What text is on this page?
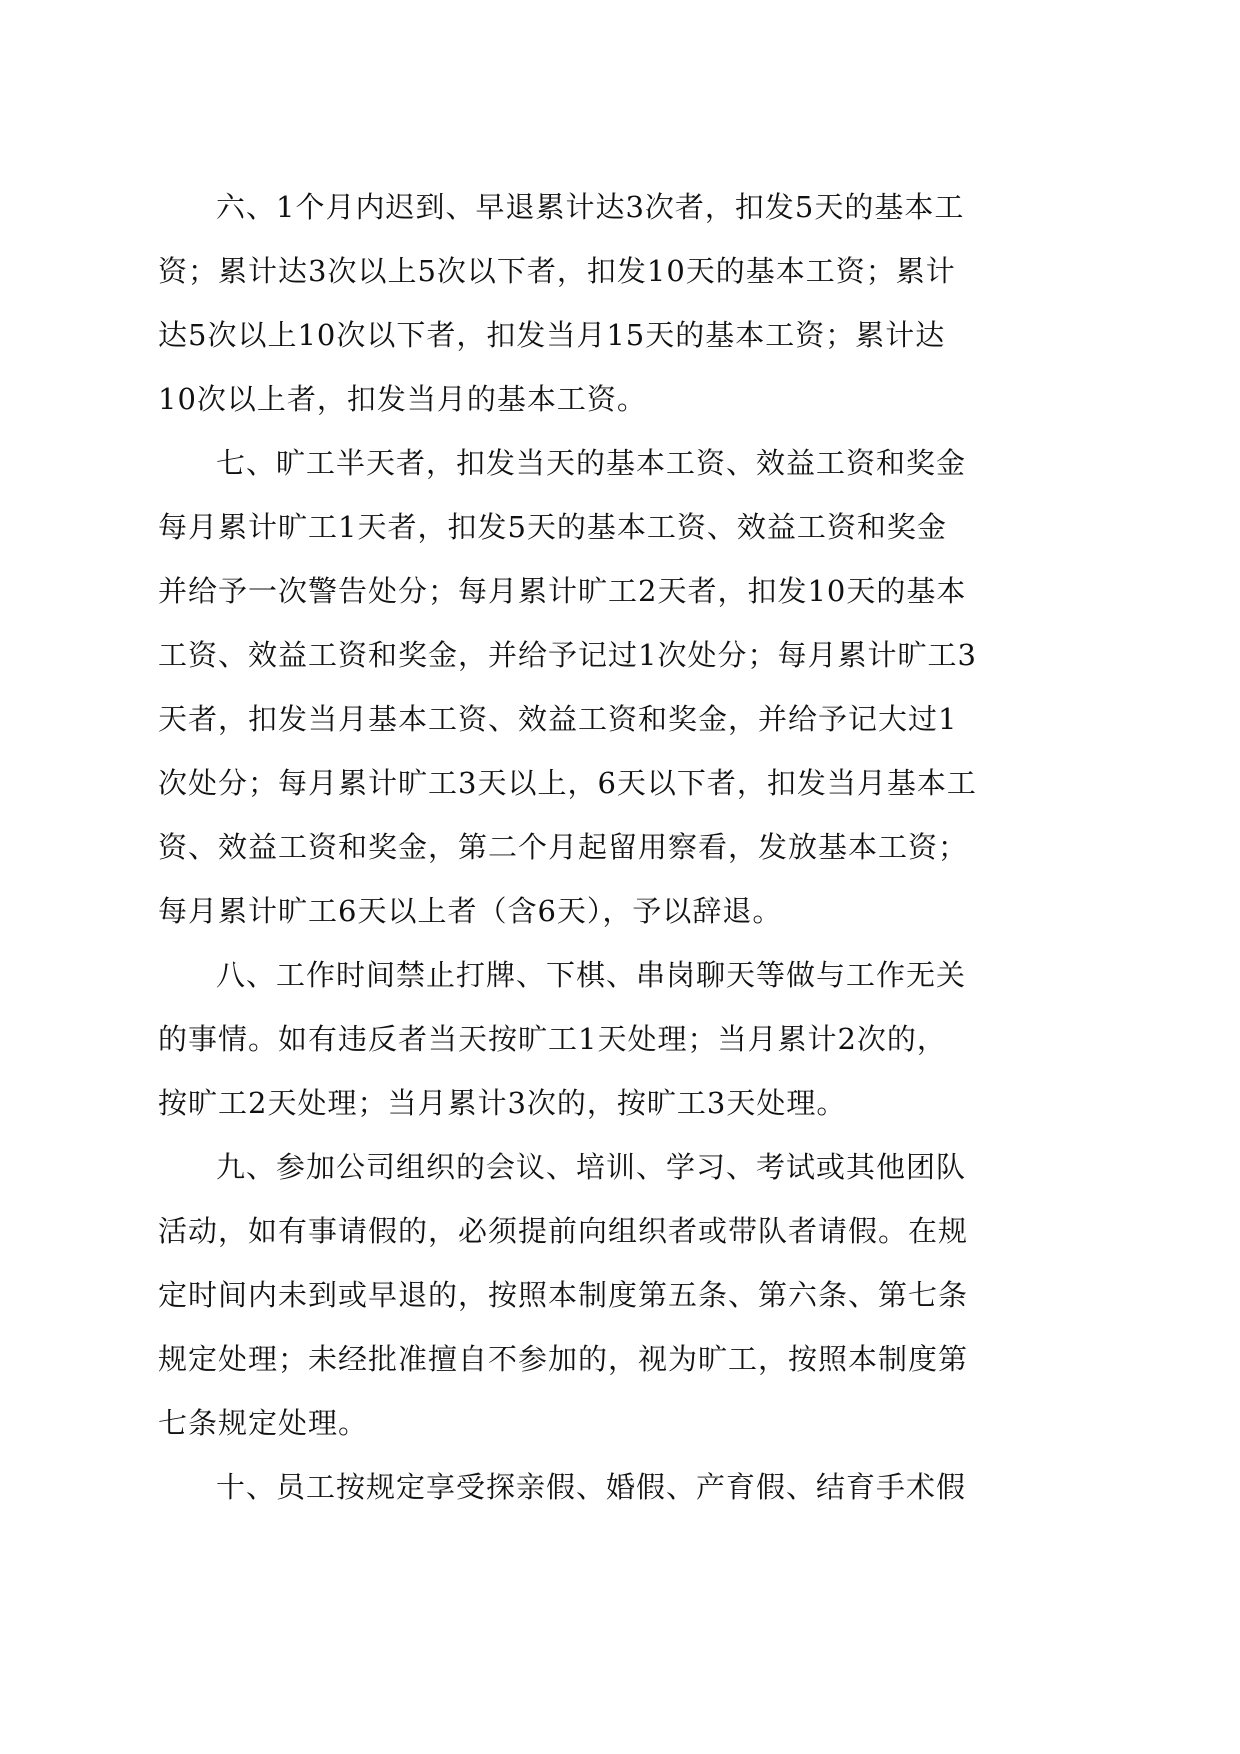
六、1个月内迟到、早退累计达3次者，扣发5天的基本工
资；累计达3次以上5次以下者，扣发10天的基本工资；累计
达5次以上10次以下者，扣发当月15天的基本工资；累计达
10次以上者，扣发当月的基本工资。
七、旷工半天者，扣发当天的基本工资、效益工资和奖金
每月累计旷工1天者，扣发5天的基本工资、效益工资和奖金
并给予一次警告处分；每月累计旷工2天者，扣发10天的基本
工资、效益工资和奖金，并给予记过1次处分；每月累计旷工3
天者，扣发当月基本工资、效益工资和奖金，并给予记大过1
次处分；每月累计旷工3天以上，6天以下者，扣发当月基本工
资、效益工资和奖金，第二个月起留用察看，发放基本工资；
每月累计旷工6天以上者（含6天），予以辞退。
八、工作时间禁止打牌、下棋、串岗聊天等做与工作无关
的事情。如有违反者当天按旷工1天处理；当月累计2次的，
按旷工2天处理；当月累计3次的，按旷工3天处理。
九、参加公司组织的会议、培训、学习、考试或其他团队
活动，如有事请假的，必须提前向组织者或带队者请假。在规
定时间内未到或早退的，按照本制度第五条、第六条、第七条
规定处理；未经批准擅自不参加的，视为旷工，按照本制度第
七条规定处理。
十、员工按规定享受探亲假、婚假、产育假、结育手术假
